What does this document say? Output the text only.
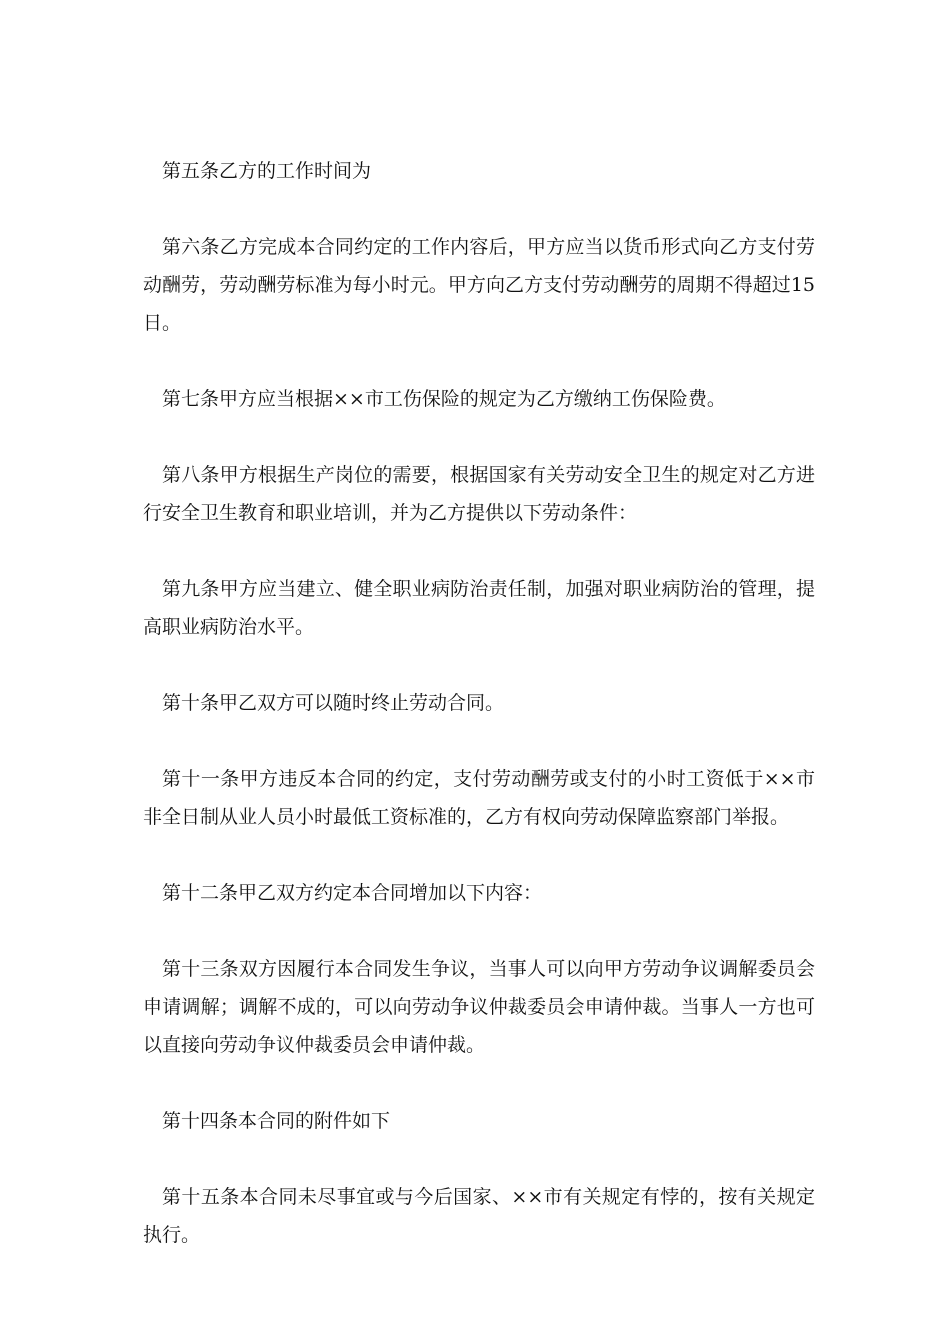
第五条乙方的工作时间为

第六条乙方完成本合同约定的工作内容后，甲方应当以货币形式向乙方支付劳动酬劳，劳动酬劳标准为每小时元。甲方向乙方支付劳动酬劳的周期不得超过15日。

第七条甲方应当根据××市工伤保险的规定为乙方缴纳工伤保险费。

第八条甲方根据生产岗位的需要，根据国家有关劳动安全卫生的规定对乙方进行安全卫生教育和职业培训，并为乙方提供以下劳动条件：

第九条甲方应当建立、健全职业病防治责任制，加强对职业病防治的管理，提高职业病防治水平。

第十条甲乙双方可以随时终止劳动合同。

第十一条甲方违反本合同的约定，支付劳动酬劳或支付的小时工资低于××市非全日制从业人员小时最低工资标准的，乙方有权向劳动保障监察部门举报。

第十二条甲乙双方约定本合同增加以下内容：

第十三条双方因履行本合同发生争议，当事人可以向甲方劳动争议调解委员会申请调解；调解不成的，可以向劳动争议仲裁委员会申请仲裁。当事人一方也可以直接向劳动争议仲裁委员会申请仲裁。

第十四条本合同的附件如下

第十五条本合同未尽事宜或与今后国家、××市有关规定有悖的，按有关规定执行。
